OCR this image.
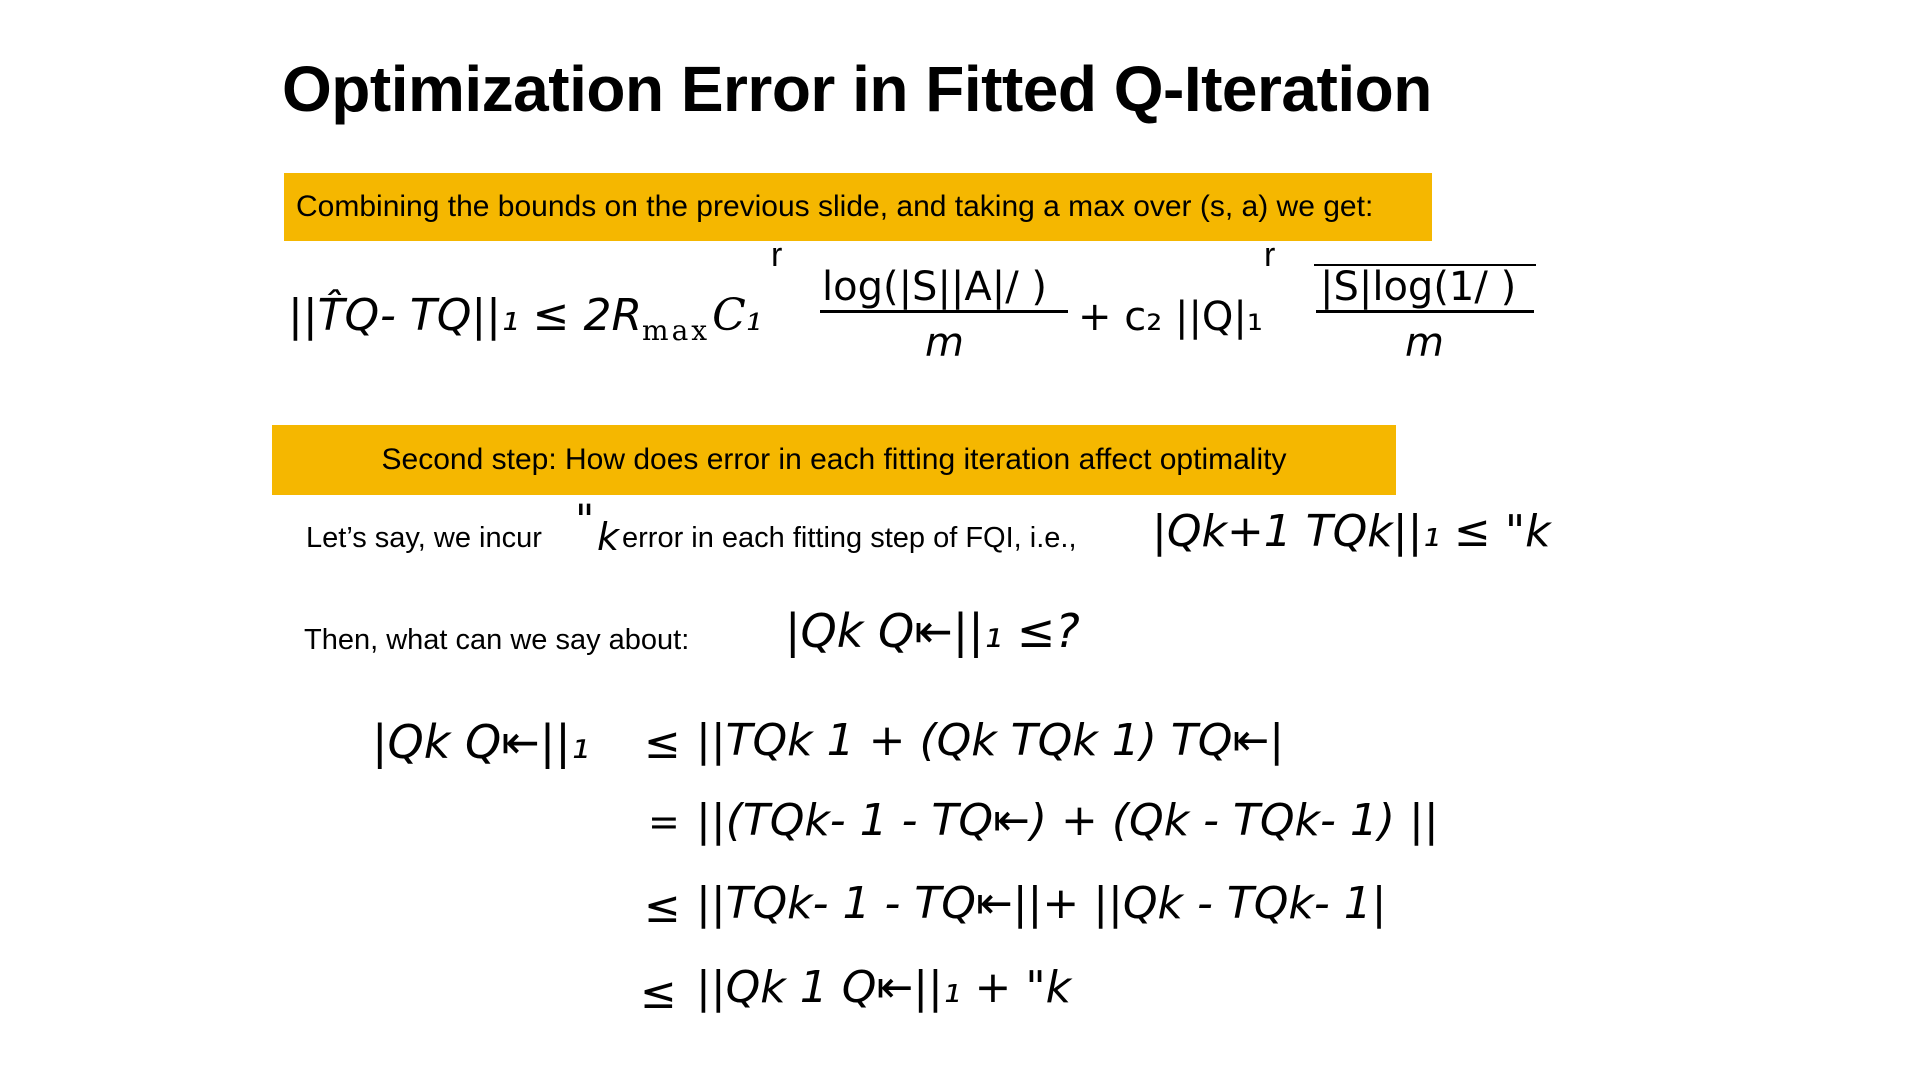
Optimization Error in Fitted Q-Iteration
Combining the bounds on the previous slide, and taking a max over (s, a) we get:
||T̂Q- $TQ||_1 \le 2R_{max}C_1$
r
log(|S||A|/ )
m
+ c₂ ||Q|₁
r
|S|log(1/ )
m
Second step: How does error in each fitting iteration affect optimality
Let’s say, we incur " k error in each fitting step of FQI, i.e., |Qk+1 TQk||₁ ≤ "k
Then, what can we say about: |Qk Q⇤||₁ ≤?
|Qk Q⇤||₁ ≤ ||TQk 1 + (Qk TQk 1) TQ⇤|
= ||(TQk- 1 - TQ⇤) + (Qk - TQk- 1) ||
≤ ||TQk- 1 - TQ⇤||+ ||Qk - TQk- 1|
≤ ||Qk 1 Q⇤||₁ + "k
